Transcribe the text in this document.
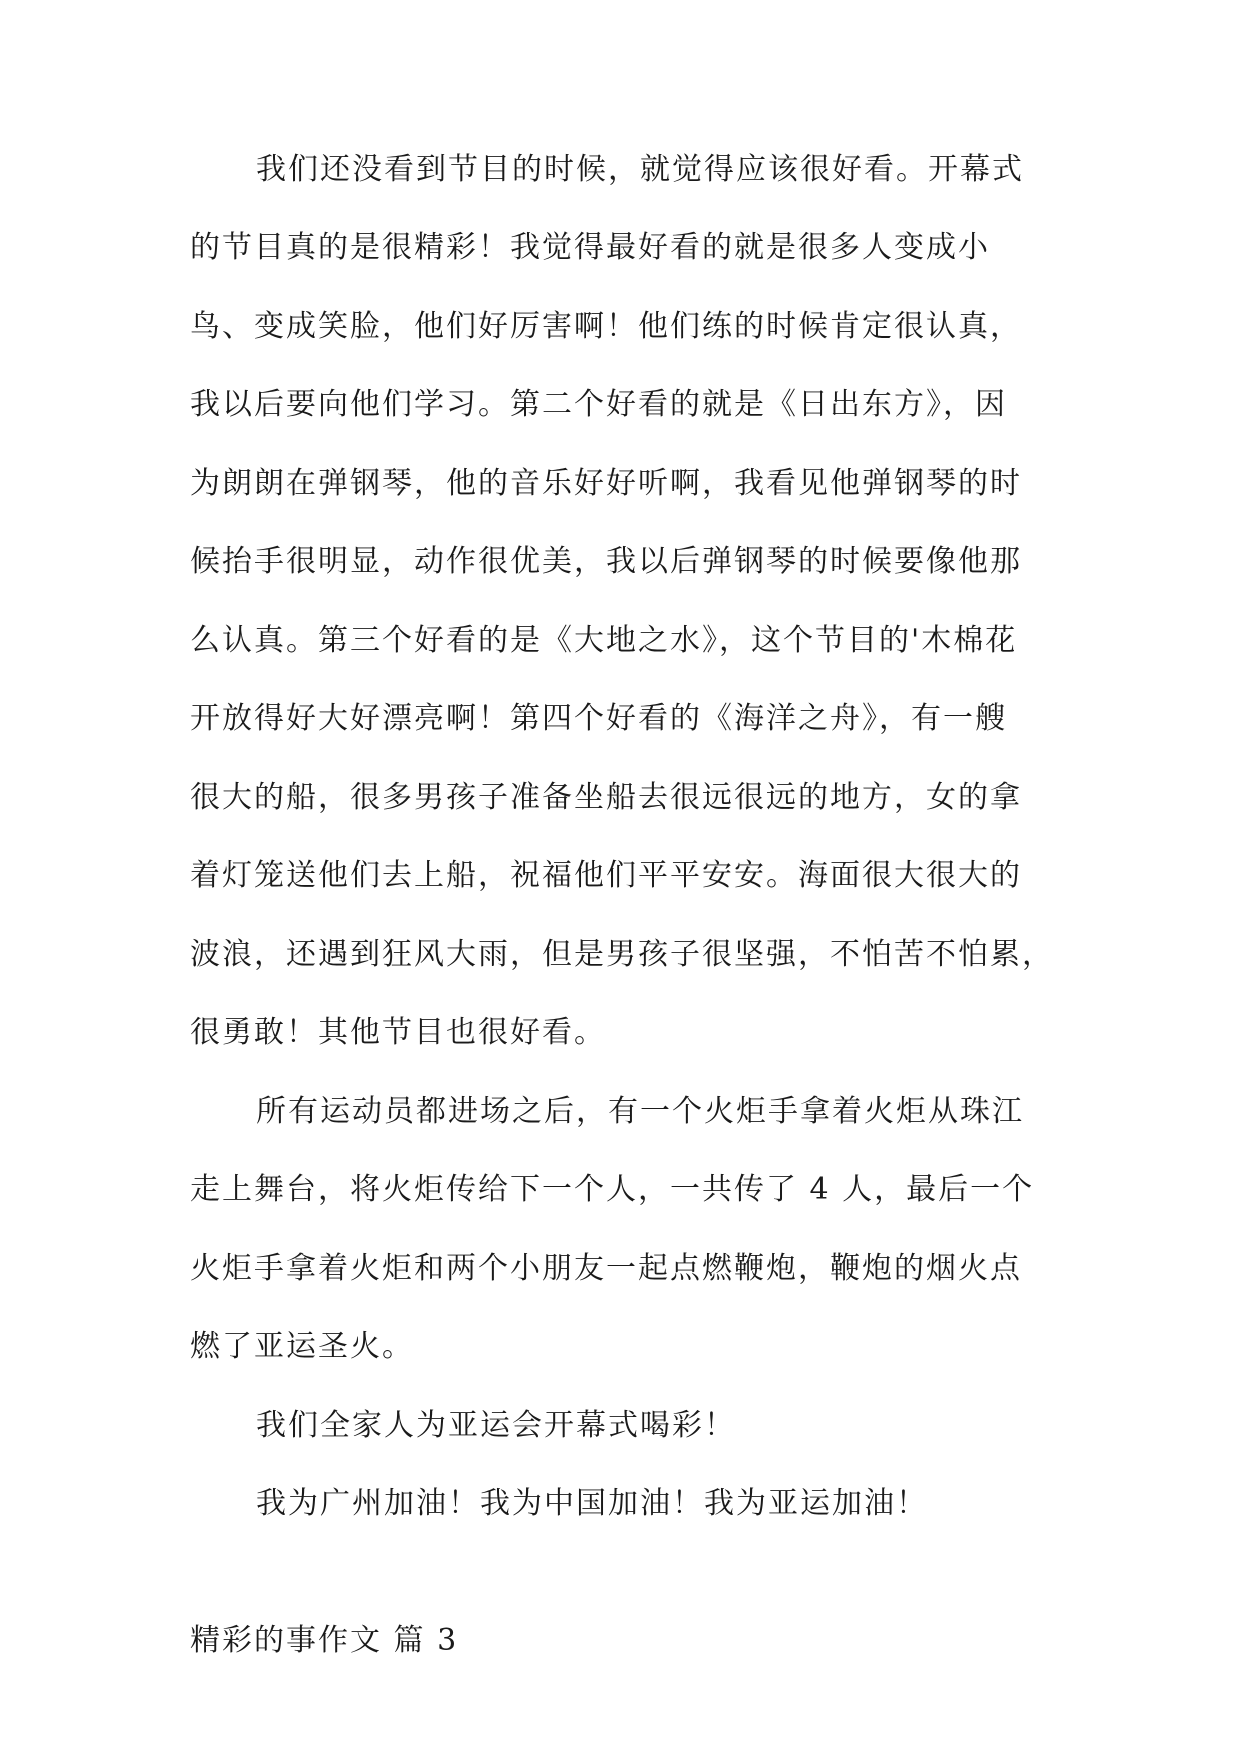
我们还没看到节目的时候，就觉得应该很好看。开幕式
的节目真的是很精彩！我觉得最好看的就是很多人变成小
鸟、变成笑脸，他们好厉害啊！他们练的时候肯定很认真，
我以后要向他们学习。第二个好看的就是《日出东方》，因
为朗朗在弹钢琴，他的音乐好好听啊，我看见他弹钢琴的时
候抬手很明显，动作很优美，我以后弹钢琴的时候要像他那
么认真。第三个好看的是《大地之水》，这个节目的'木棉花
开放得好大好漂亮啊！第四个好看的《海洋之舟》，有一艘
很大的船，很多男孩子准备坐船去很远很远的地方，女的拿
着灯笼送他们去上船，祝福他们平平安安。海面很大很大的
波浪，还遇到狂风大雨，但是男孩子很坚强，不怕苦不怕累，
很勇敢！其他节目也很好看。
所有运动员都进场之后，有一个火炬手拿着火炬从珠江
走上舞台，将火炬传给下一个人，一共传了 4 人，最后一个
火炬手拿着火炬和两个小朋友一起点燃鞭炮，鞭炮的烟火点
燃了亚运圣火。
我们全家人为亚运会开幕式喝彩！
我为广州加油！我为中国加油！我为亚运加油！
精彩的事作文 篇 3
